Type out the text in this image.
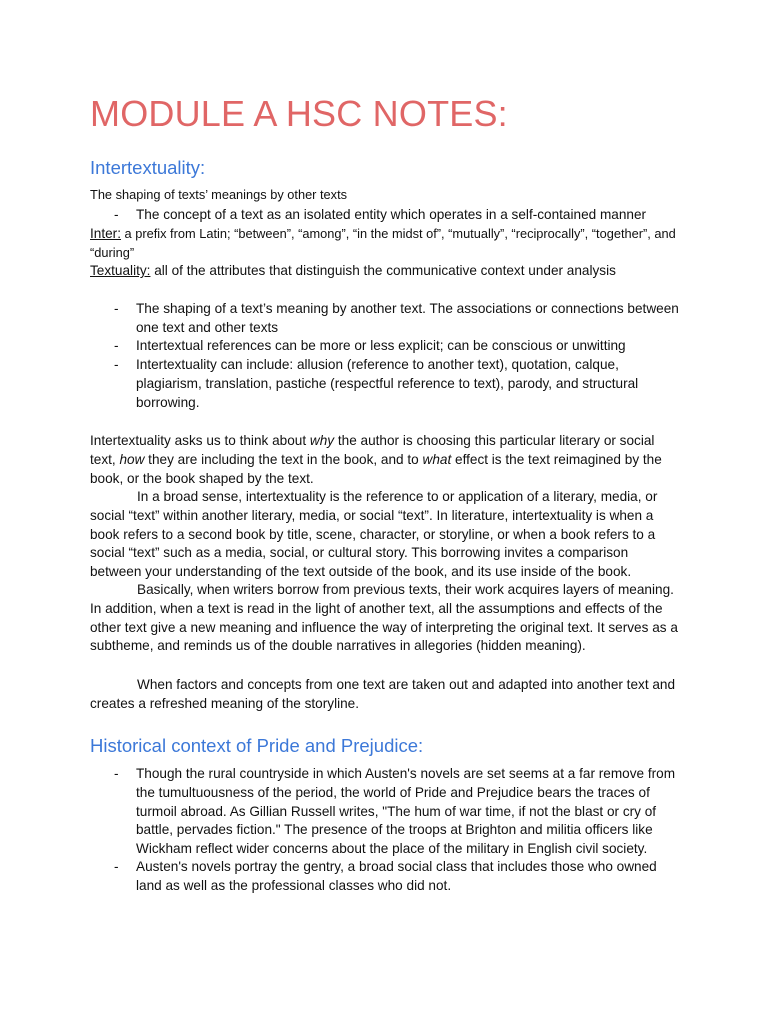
MODULE A HSC NOTES:
Intertextuality:

The shaping of texts’ meanings by other texts

- The concept of a text as an isolated entity which operates in a self-contained manner

Inter: a prefix from Latin; “between”, “among”, “in the midst of”, “mutually”, “reciprocally”, “together”, and “during”

Textuality: all of the attributes that distinguish the communicative context under analysis

- The shaping of a text’s meaning by another text. The associations or connections between one text and other texts

- Intertextual references can be more or less explicit; can be conscious or unwitting

- Intertextuality can include: allusion (reference to another text), quotation, calque, plagiarism, translation, pastiche (respectful reference to text), parody, and structural borrowing.

Intertextuality asks us to think about why the author is choosing this particular literary or social text, how they are including the text in the book, and to what effect is the text reimagined by the book, or the book shaped by the text.

In a broad sense, intertextuality is the reference to or application of a literary, media, or social “text” within another literary, media, or social “text”. In literature, intertextuality is when a book refers to a second book by title, scene, character, or storyline, or when a book refers to a social “text” such as a media, social, or cultural story. This borrowing invites a comparison between your understanding of the text outside of the book, and its use inside of the book.

Basically, when writers borrow from previous texts, their work acquires layers of meaning. In addition, when a text is read in the light of another text, all the assumptions and effects of the other text give a new meaning and influence the way of interpreting the original text. It serves as a subtheme, and reminds us of the double narratives in allegories (hidden meaning).

When factors and concepts from one text are taken out and adapted into another text and creates a refreshed meaning of the storyline.

Historical context of Pride and Prejudice:
- Though the rural countryside in which Austen's novels are set seems at a far remove from the tumultuousness of the period, the world of Pride and Prejudice bears the traces of turmoil abroad. As Gillian Russell writes, "The hum of war time, if not the blast or cry of battle, pervades fiction." The presence of the troops at Brighton and militia officers like Wickham reflect wider concerns about the place of the military in English civil society.

- Austen's novels portray the gentry, a broad social class that includes those who owned land as well as the professional classes who did not.
